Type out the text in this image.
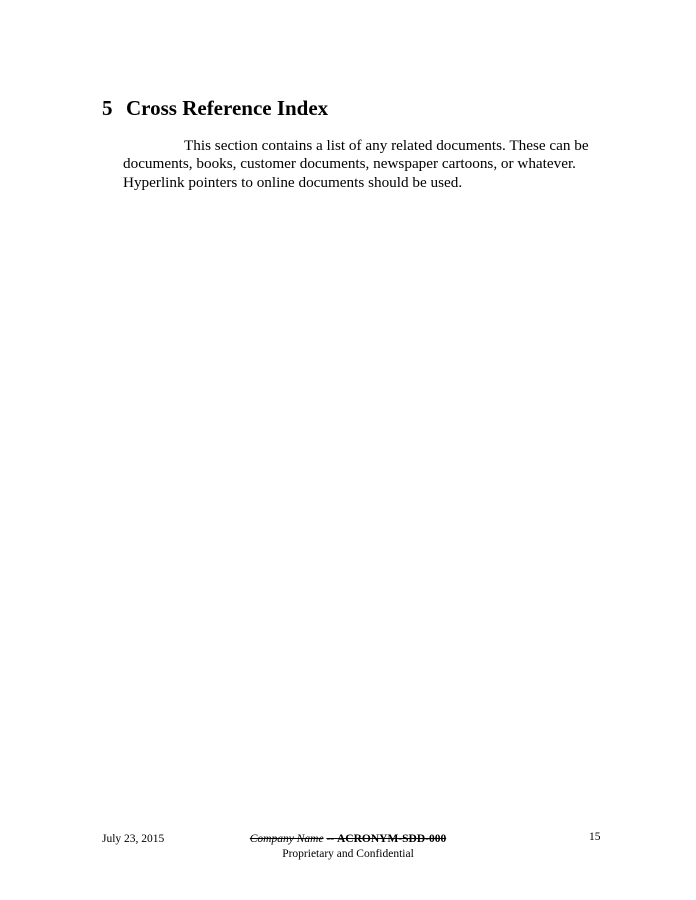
5 Cross Reference Index
This section contains a list of any related documents. These can be documents, books, customer documents, newspaper cartoons, or whatever. Hyperlink pointers to online documents should be used.
July 23, 2015	Company Name -- ACRONYM-SDD-000
Proprietary and Confidential
15
